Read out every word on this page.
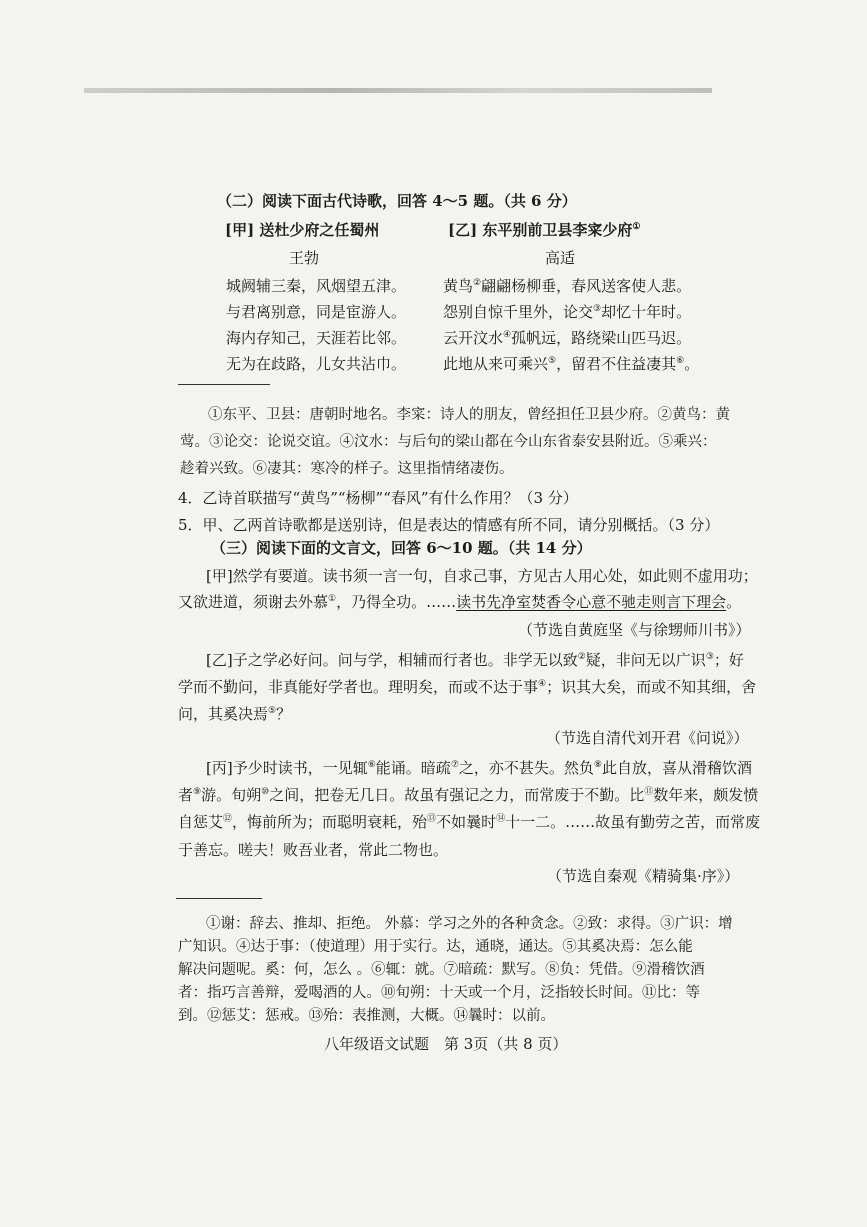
（二）阅读下面古代诗歌，回答 4～5 题。（共 6 分）
[甲] 送杜少府之任蜀州	[乙] 东平别前卫县李寀少府①
王勃	高适
城阙辅三秦，风烟望五津。
与君离别意，同是宦游人。
海内存知己，天涯若比邻。
无为在歧路，儿女共沾巾。
黄鸟②翩翩杨柳垂，春风送客使人悲。
怨别自惊千里外，论交③却忆十年时。
云开汶水④孤帆远，路绕梁山匹马迟。
此地从来可乘兴⑤，留君不住益凄其⑥。
①东平、卫县：唐朝时地名。李寀：诗人的朋友，曾经担任卫县少府。②黄鸟：黄
莺。③论交：论说交谊。④汶水：与后句的梁山都在今山东省泰安县附近。⑤乘兴：
趁着兴致。⑥凄其：寒冷的样子。这里指情绪凄伤。
4．乙诗首联描写“黄鸟”“杨柳”“春风”有什么作用？（3 分）
5．甲、乙两首诗歌都是送别诗，但是表达的情感有所不同，请分别概括。（3 分）
（三）阅读下面的文言文，回答 6～10 题。（共 14 分）
[甲]然学有要道。读书须一言一句，自求己事，方见古人用心处，如此则不虚用功；
又欲进道，须谢去外慕①，乃得全功。……读书先净室焚香令心意不驰走则言下理会。
（节选自黄庭坚《与徐甥师川书》）
[乙]子之学必好问。问与学，相辅而行者也。非学无以致②疑，非问无以广识③；好
学而不勤问，非真能好学者也。理明矣，而或不达于事④；识其大矣，而或不知其细，舍
问，其奚决焉⑤？
（节选自清代刘开君《问说》）
[丙]予少时读书，一见辄⑥能诵。暗疏⑦之，亦不甚失。然负⑧此自放，喜从滑稽饮酒
者⑨游。旬朔⑩之间，把卷无几日。故虽有强记之力，而常废于不勤。比⑪数年来，颇发愤
自惩艾⑫，悔前所为；而聪明衰耗，殆⑬不如曩时⑭十一二。……故虽有勤劳之苦，而常废
于善忘。嗟夫！败吾业者，常此二物也。
（节选自秦观《精骑集·序》）
①谢：辞去、推却、拒绝。 外慕：学习之外的各种贪念。②致：求得。③广识：增
广知识。④达于事：（使道理）用于实行。达，通晓，通达。⑤其奚决焉：怎么能
解决问题呢。奚：何，怎么 。⑥辄：就。⑦暗疏：默写。⑧负：凭借。⑨滑稽饮酒
者：指巧言善辩，爱喝酒的人。⑩旬朔：十天或一个月，泛指较长时间。⑪比：等
到。⑫惩艾：惩戒。⑬殆：表推测，大概。⑭曩时：以前。
八年级语文试题　第 3页（共 8 页）
